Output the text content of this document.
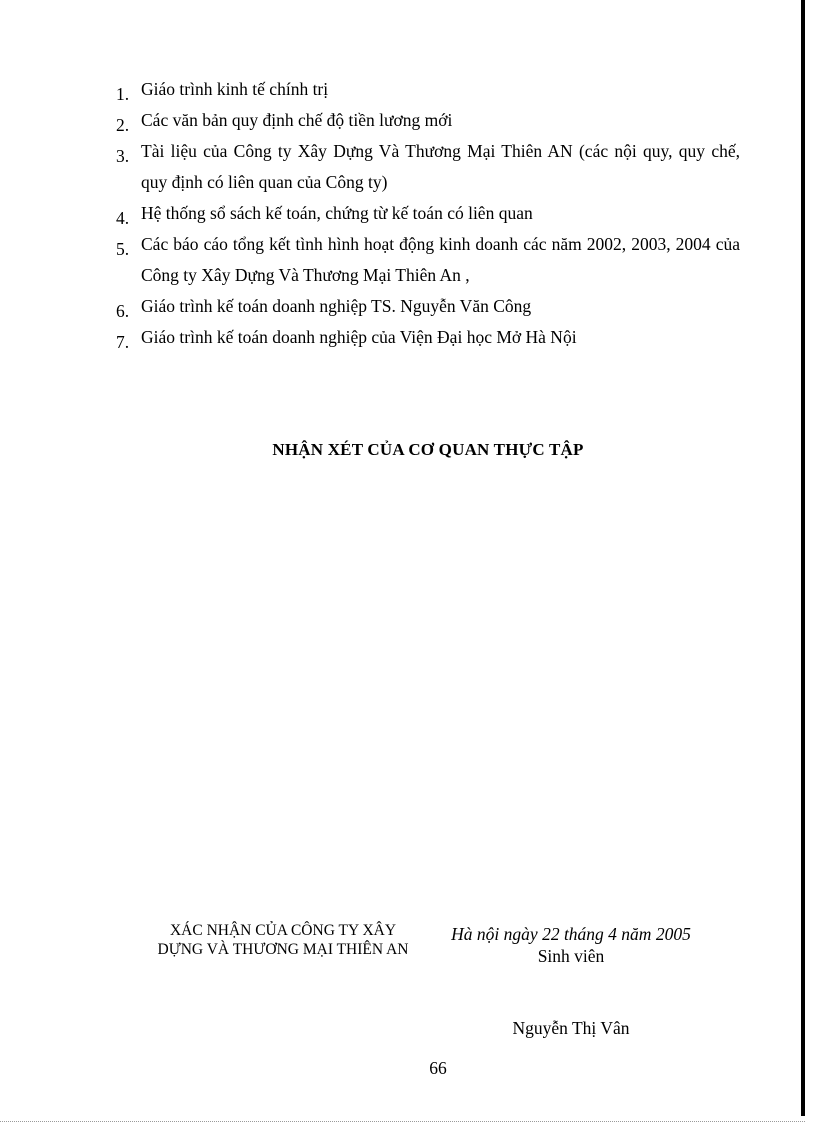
1. Giáo trình kinh tế chính trị
2. Các văn bản quy định chế độ tiền lương mới
3. Tài liệu của Công ty Xây Dựng Và Thương Mại Thiên AN (các nội quy, quy chế, quy định có liên quan của Công ty)
4. Hệ thống sổ sách kế toán, chứng từ kế toán có liên quan
5. Các báo cáo tổng kết tình hình hoạt động kinh doanh các năm 2002, 2003, 2004 của Công ty Xây Dựng Và Thương Mại Thiên An ,
6. Giáo trình kế toán doanh nghiệp TS. Nguyễn Văn Công
7. Giáo trình kế toán doanh nghiệp của Viện Đại học Mở Hà Nội
NHẬN XÉT CỦA CƠ QUAN THỰC TẬP
XÁC NHẬN CỦA CÔNG TY XÂY
DỰNG VÀ THƯƠNG MẠI THIÊN AN
Hà nội ngày 22 tháng 4 năm 2005
Sinh viên
Nguyễn Thị Vân
66
